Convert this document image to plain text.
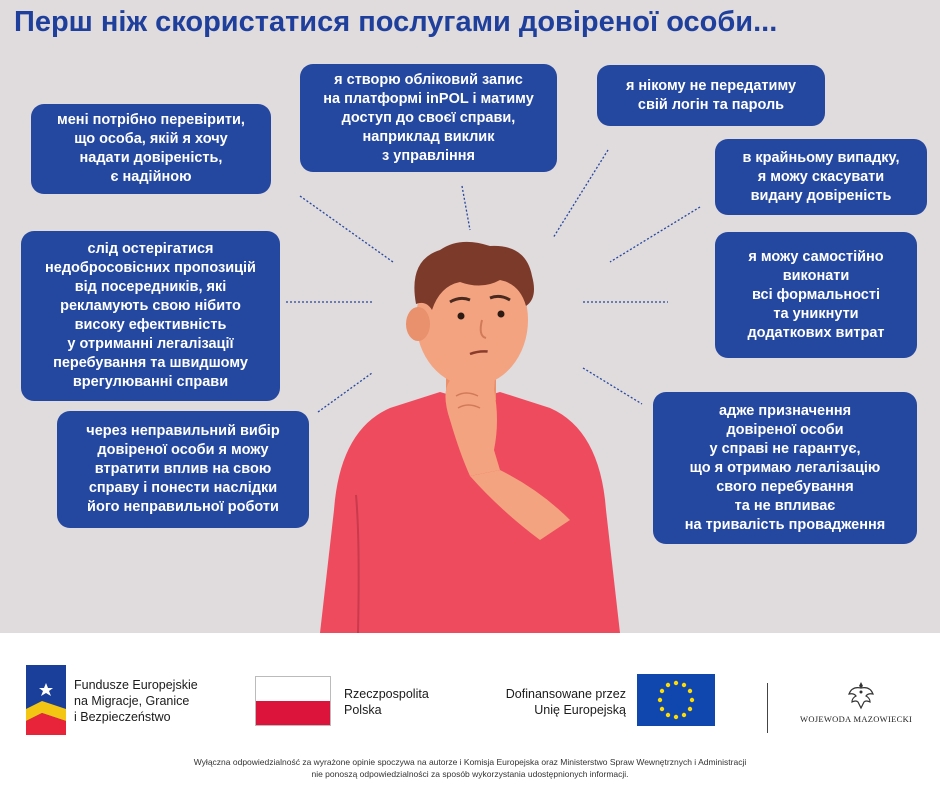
Перш ніж скористатися послугами довіреної особи...
мені потрібно перевірити,
що особа, якій я хочу
надати довіреність,
є надійною
я створю обліковий запис
на платформі inPOL і матиму
доступ до своєї справи,
наприклад виклик
з управління
я нікому не передатиму
свій логін та пароль
в крайньому випадку,
я можу скасувати
видану довіреність
слід остерігатися
недобросовісних пропозицій
від посередників, які
рекламують свою нібито
високу ефективність
у отриманні легалізації
перебування та швидшому
врегулюванні справи
я можу самостійно
виконати
всі формальності
та уникнути
додаткових витрат
через неправильний вибір
довіреної особи я можу
втратити вплив на свою
справу і понести наслідки
його неправильної роботи
адже призначення
довіреної особи
у справі не гарантує,
що я отримаю легалізацію
свого перебування
та не впливає
на тривалість провадження
Fundusze Europejskie
na Migracje, Granice
i Bezpieczeństwo
Rzeczpospolita
Polska
Dofinansowane przez
Unię Europejską
WOJEWODA MAZOWIECKI
Wyłączna odpowiedzialność za wyrażone opinie spoczywa na autorze i Komisja Europejska oraz Ministerstwo Spraw Wewnętrznych i Administracji
nie ponoszą odpowiedzialności za sposób wykorzystania udostępnionych informacji.
